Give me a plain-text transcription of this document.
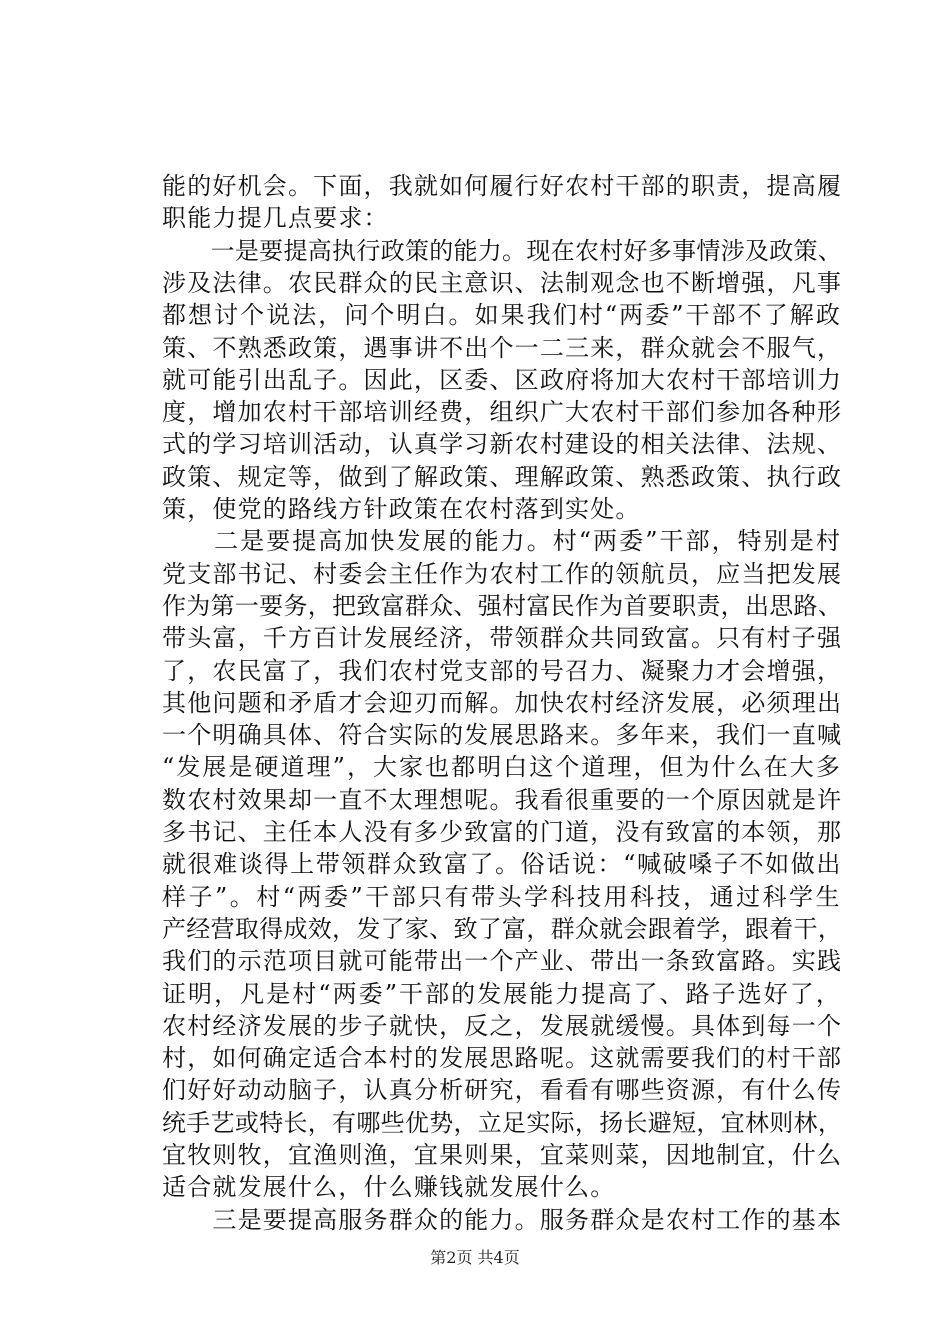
能的好机会。下面，我就如何履行好农村干部的职责，提高履
职能力提几点要求：
　　一是要提高执行政策的能力。现在农村好多事情涉及政策、
涉及法律。农民群众的民主意识、法制观念也不断增强，凡事
都想讨个说法，问个明白。如果我们村“两委”干部不了解政
策、不熟悉政策，遇事讲不出个一二三来，群众就会不服气，
就可能引出乱子。因此，区委、区政府将加大农村干部培训力
度，增加农村干部培训经费，组织广大农村干部们参加各种形
式的学习培训活动，认真学习新农村建设的相关法律、法规、
政策、规定等，做到了解政策、理解政策、熟悉政策、执行政
策，使党的路线方针政策在农村落到实处。
　　二是要提高加快发展的能力。村“两委”干部，特别是村
党支部书记、村委会主任作为农村工作的领航员，应当把发展
作为第一要务，把致富群众、强村富民作为首要职责，出思路、
带头富，千方百计发展经济，带领群众共同致富。只有村子强
了，农民富了，我们农村党支部的号召力、凝聚力才会增强，
其他问题和矛盾才会迎刃而解。加快农村经济发展，必须理出
一个明确具体、符合实际的发展思路来。多年来，我们一直喊
“发展是硬道理”，大家也都明白这个道理，但为什么在大多
数农村效果却一直不太理想呢。我看很重要的一个原因就是许
多书记、主任本人没有多少致富的门道，没有致富的本领，那
就很难谈得上带领群众致富了。俗话说：“喊破嗓子不如做出
样子”。村“两委”干部只有带头学科技用科技，通过科学生
产经营取得成效，发了家、致了富，群众就会跟着学，跟着干，
我们的示范项目就可能带出一个产业、带出一条致富路。实践
证明，凡是村“两委”干部的发展能力提高了、路子选好了，
农村经济发展的步子就快，反之，发展就缓慢。具体到每一个
村，如何确定适合本村的发展思路呢。这就需要我们的村干部
们好好动动脑子，认真分析研究，看看有哪些资源，有什么传
统手艺或特长，有哪些优势，立足实际，扬长避短，宜林则林，
宜牧则牧，宜渔则渔，宜果则果，宜菜则菜，因地制宜，什么
适合就发展什么，什么赚钱就发展什么。
　　三是要提高服务群众的能力。服务群众是农村工作的基本
第2页 共4页
